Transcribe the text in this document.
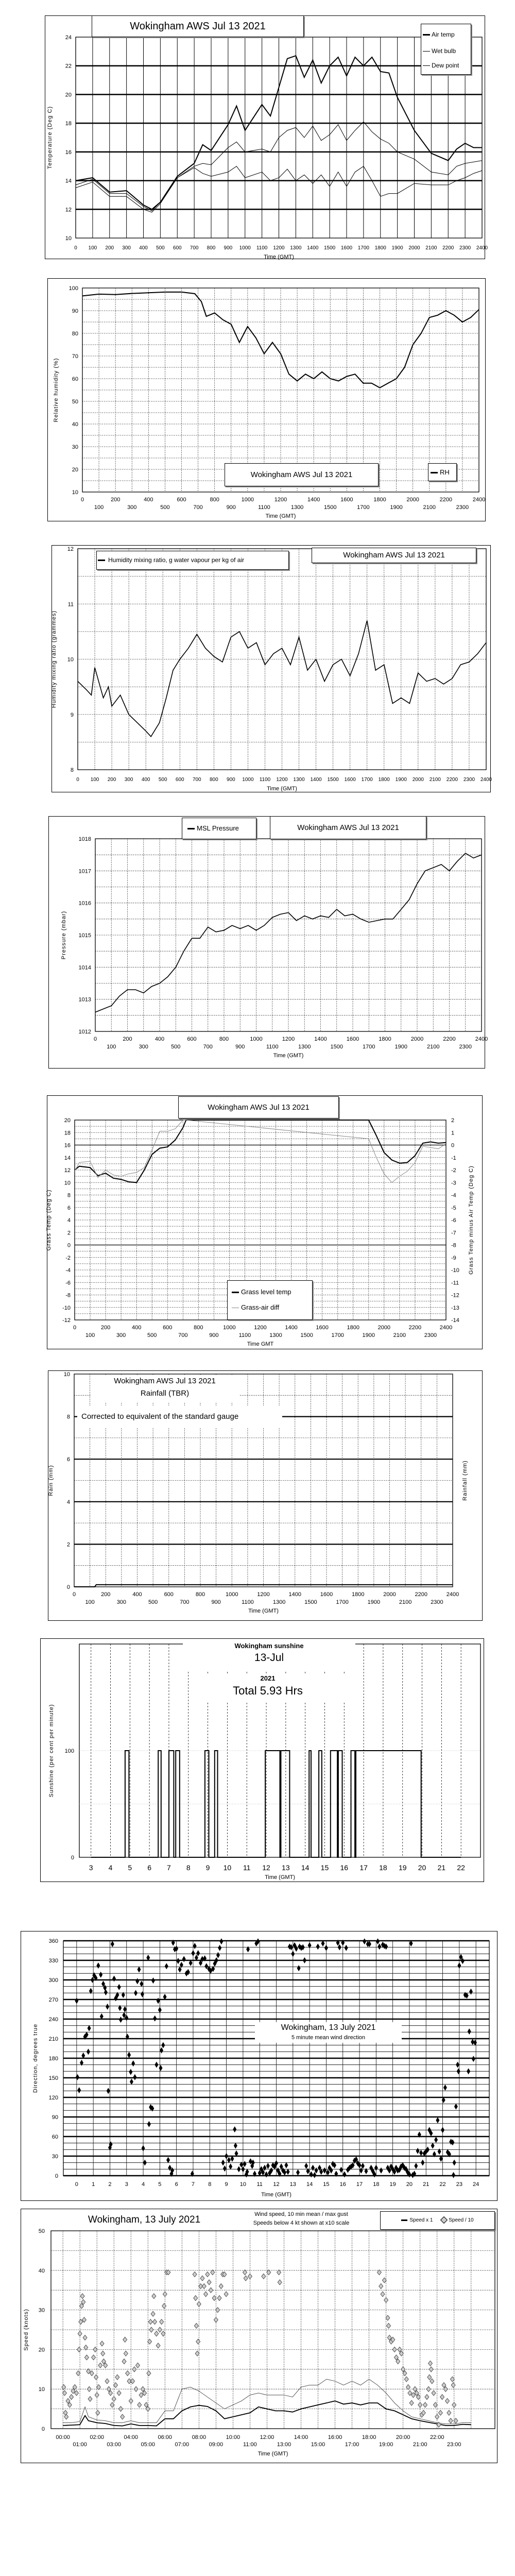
10
12
14
16
18
20
22
24
0 100 200 300 400 500 600 700 800 900 1000 1100 1200 1300 1400 1500 1600 1700 1800 1900 2000 2100 2200 2300 2400
Time (GMT)
Temperature (Deg C)
Wokingham AWS Jul 13 2021
Air temp
Wet bulb
Dew point
10
20
30
40
50
60
70
80
90
100
0	200	400	600	800	1000	1200	1400	1600	1800	2000	2200	2400
100	300	500	700	900	1100	1300	1500	1700	1900	2100	2300
Time (GMT)
Relative humidity (%)
Wokingham AWS Jul 13 2021	RH
8
9
10
11
12
0 100 200 300 400 500 600 700 800 900 1000 1100 1200 1300 1400 1500 1600 1700 1800 1900 2000 2100 2200 2300 2400
Time (GMT)
Humidity mixing ratio (grammes)
Humidity mixing ratio, g water vapour per kg of air
Wokingham AWS Jul 13 2021
1012
1013
1014
1015
1016
1017
1018
0	200	400	600	800	1000	1200	1400	1600	1800	2000	2200	2400
100	300	500	700	900	1100	1300	1500	1700	1900	2100	2300
Time (GMT)
Pressure (mbar)
MSL Pressure	Wokingham AWS Jul 13 2021
-12
-10
-8
-6
-4
-2
0
2
4
6
8
10
12
14
16
18
20
0	200	400	600	800	1000	1200	1400	1600	1800	2000	2200	2400
100	300	500	700	900	1100	1300	1500	1700	1900	2100	2300
Time GMT
Grass Temp (Deg C)
-14
-13
-12
-11
-10
-9
-8
-7
-6
-5
-4
-3
-2
-1
0
1
2
Grass Temp minus Air Temp (Deg C)
Wokingham AWS Jul 13 2021
Grass level temp
Grass-air diff
0
2
4
6
8
10
0	200	400	600	800	1000	1200	1400	1600	1800	2000	2200	2400
100	300	500	700	900	1100	1300	1500	1700	1900	2100	2300
Time (GMT)
Rain (mm)	Rainfall (mm)
Wokingham AWS Jul 13 2021
Rainfall (TBR)
Corrected to equivalent of the standard gauge
3 4 5 6 7 8 9 10 11 12 13 14 15 16 17 18 19 20 21 22
0
100
Sunshine (per cent per minute)
Time (GMT)
Wokingham sunshine
13-Jul
2021
Total 5.93 Hrs
0 1 2 3 4 5 6 7 8 9 10 11 12 13 14 15 16 17 18 19 20 21 22 23 24
0
30
60
90
120
150
180
210
240
270
300
330
360
Direction, degrees true
Time (GMT)
Wokingham, 13 July 2021
5 minute mean wind direction
0
10
20
30
40
50
00:00	02:00	04:00	06:00	08:00	10:00	12:00	14:00	16:00	18:00	20:00	22:00
01:00	03:00	05:00	07:00	09:00	11:00	13:00	15:00	17:00	19:00	21:00	23:00
Time (GMT)
Speed (knots)
Wokingham, 13 July 2021	Wind speed, 10 min mean / max gust
Speeds below 4 kt shown at x10 scale	Speed x 1	Speed / 10
